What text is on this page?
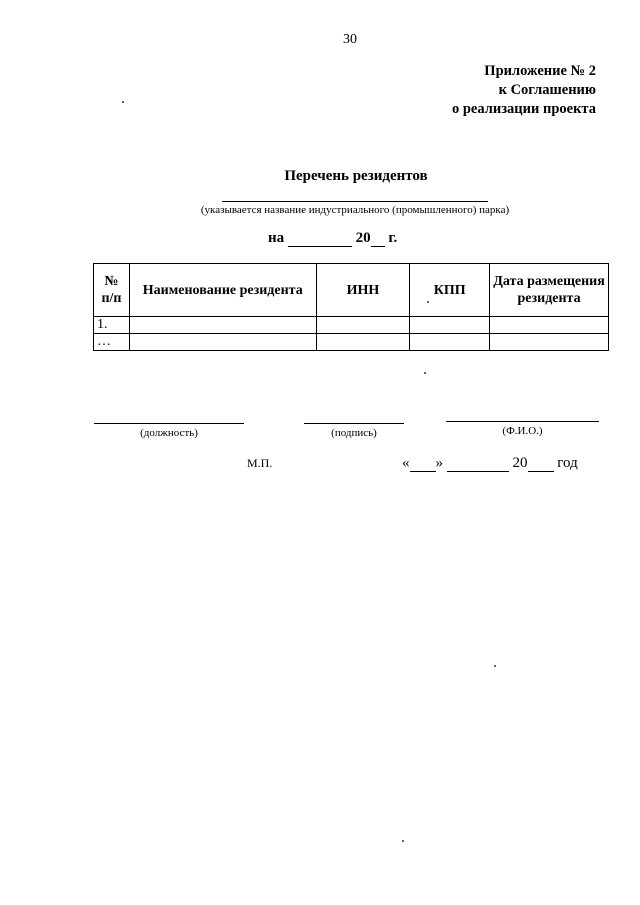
30
Приложение № 2
к Соглашению
о реализации проекта
Перечень резидентов
(указывается название индустриального (промышленного) парка)
на	20 г.
№ п/п	Наименование резидента	ИНН	КПП	Дата размещения резидента
1.				
…				
(должность)	(подпись)	(Ф.И.О.)
М.П.	« »	20 год
